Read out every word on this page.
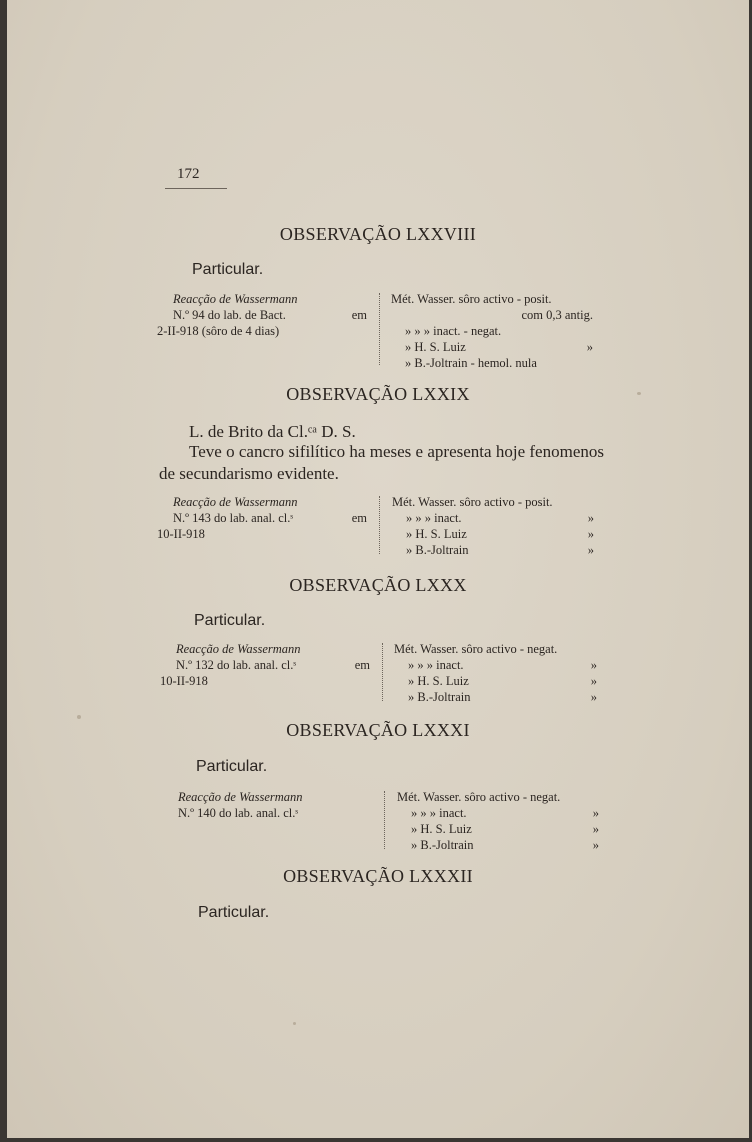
172
OBSERVAÇÃO LXXVIII
Particular.
Reacção de Wassermann
N.º 94 do lab. de Bact.	em
2-II-918 (sôro de 4 dias)
Mét. Wasser. sôro activo - posit.
com 0,3 antig.
» » » inact. - negat.
» H. S. Luiz	»
» B.-Joltrain - hemol. nula
OBSERVAÇÃO LXXIX
L. de Brito da Cl.ᶜᵃ D. S.
Teve o cancro sifilítico ha meses e apresenta hoje fenomenos de secundarismo evidente.
Reacção de Wassermann
N.º 143 do lab. anal. cl.ˢ	em
10-II-918
Mét. Wasser. sôro activo - posit.
» » » inact.	»
» H. S. Luiz	»
» B.-Joltrain	»
OBSERVAÇÃO LXXX
Particular.
Reacção de Wassermann
N.º 132 do lab. anal. cl.ˢ	em
10-II-918
Mét. Wasser. sôro activo - negat.
» » » inact.	»
» H. S. Luiz	»
» B.-Joltrain	»
OBSERVAÇÃO LXXXI
Particular.
Reacção de Wassermann
N.º 140 do lab. anal. cl.ˢ
Mét. Wasser. sôro activo - negat.
» » » inact.	»
» H. S. Luiz	»
» B.-Joltrain	»
OBSERVAÇÃO LXXXII
Particular.
